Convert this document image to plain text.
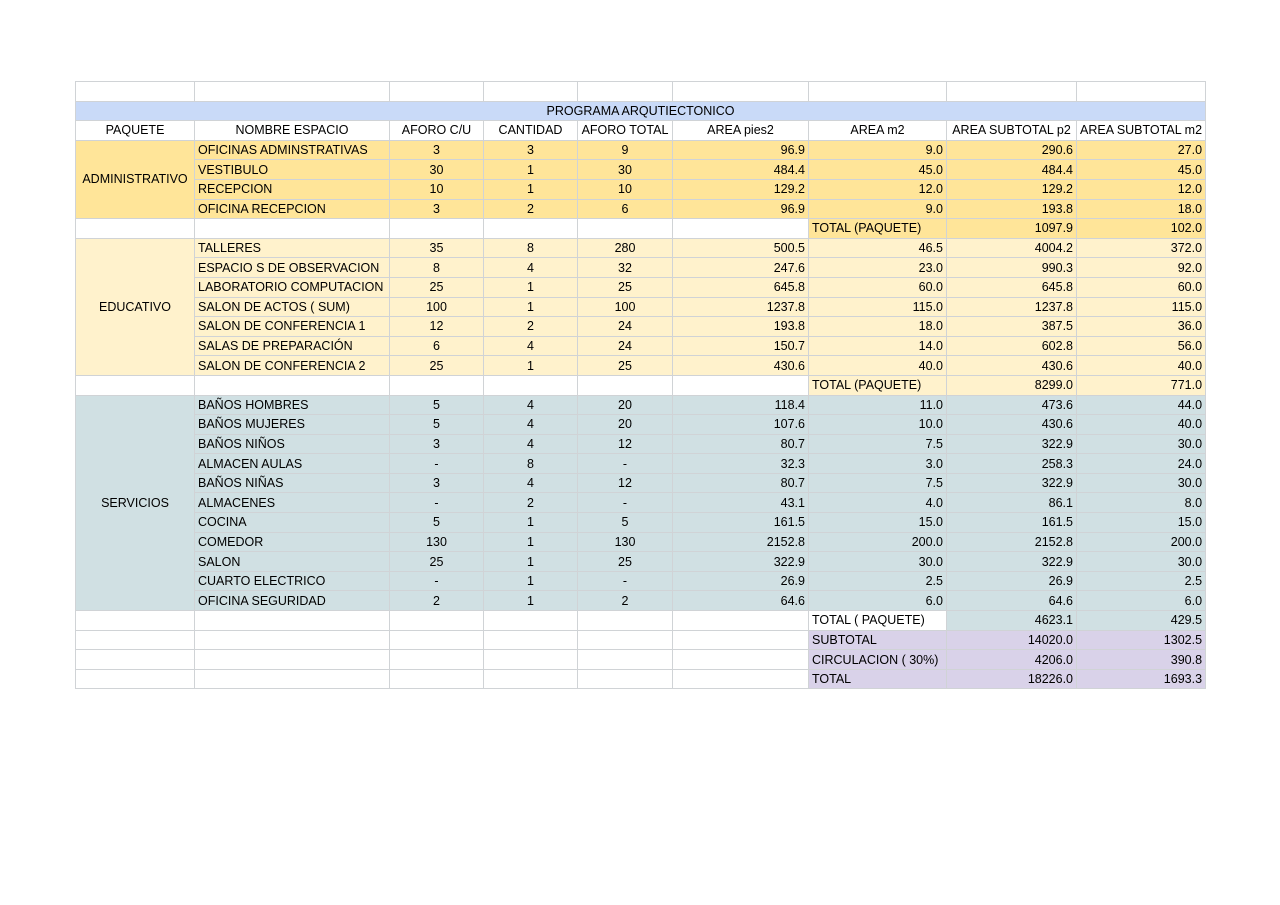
PROGRAMA ARQUTIECTONICO								
PAQUETE	NOMBRE ESPACIO	AFORO C/U	CANTIDAD	AFORO TOTAL	AREA pies2	AREA m2	AREA SUBTOTAL p2	AREA SUBTOTAL m2
ADMINISTRATIVO	OFICINAS ADMINSTRATIVAS	3	3	9	96.9	9.0	290.6	27.0
	VESTIBULO	30	1	30	484.4	45.0	484.4	45.0
	RECEPCION	10	1	10	129.2	12.0	129.2	12.0
	OFICINA RECEPCION	3	2	6	96.9	9.0	193.8	18.0
						TOTAL (PAQUETE)	1097.9	102.0
EDUCATIVO	TALLERES	35	8	280	500.5	46.5	4004.2	372.0
	ESPACIO S DE OBSERVACION	8	4	32	247.6	23.0	990.3	92.0
	LABORATORIO COMPUTACION	25	1	25	645.8	60.0	645.8	60.0
	SALON DE ACTOS ( SUM)	100	1	100	1237.8	115.0	1237.8	115.0
	SALON DE CONFERENCIA 1	12	2	24	193.8	18.0	387.5	36.0
	SALAS DE PREPARACIÓN	6	4	24	150.7	14.0	602.8	56.0
	SALON DE CONFERENCIA 2	25	1	25	430.6	40.0	430.6	40.0
						TOTAL (PAQUETE)	8299.0	771.0
SERVICIOS	BAÑOS HOMBRES	5	4	20	118.4	11.0	473.6	44.0
	BAÑOS MUJERES	5	4	20	107.6	10.0	430.6	40.0
	BAÑOS NIÑOS	3	4	12	80.7	7.5	322.9	30.0
	ALMACEN AULAS	-	8	-	32.3	3.0	258.3	24.0
	BAÑOS NIÑAS	3	4	12	80.7	7.5	322.9	30.0
	ALMACENES	-	2	-	43.1	4.0	86.1	8.0
	COCINA	5	1	5	161.5	15.0	161.5	15.0
	COMEDOR	130	1	130	2152.8	200.0	2152.8	200.0
	SALON	25	1	25	322.9	30.0	322.9	30.0
	CUARTO ELECTRICO	-	1	-	26.9	2.5	26.9	2.5
	OFICINA SEGURIDAD	2	1	2	64.6	6.0	64.6	6.0
						TOTAL ( PAQUETE)	4623.1	429.5
						SUBTOTAL	14020.0	1302.5
						CIRCULACION ( 30%)	4206.0	390.8
						TOTAL	18226.0	1693.3
